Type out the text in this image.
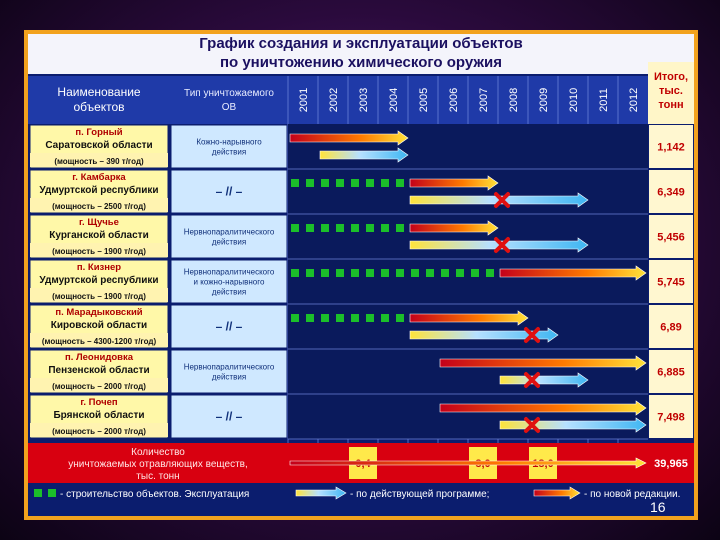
График создания и эксплуатации объектов
по уничтожению химического оружия
Наименование
объектов
Тип уничтожаемого
ОВ	2001 2002 2003 2004 2005 2006 2007 2008 2009 2010 2011 2012
Итого,
тыс.
тонн
п. Горный
Саратовской области
(мощность – 390 т/год)
Кожно-нарывного
действия	1,142
г. Камбарка
Удмуртской республики
(мощность – 2500 т/год)
– // –	6,349
г. Щучье
Курганской области
(мощность – 1900 т/год)
Нервнопаралитического
действия	5,456
п. Кизнер
Удмуртской республики
(мощность – 1900 т/год)
Нервнопаралитического
и кожно-нарывного
действия
5,745
п. Марадыковский
Кировской области
(мощность – 4300-1200 т/год)
– // –	6,89
п. Леонидовка
Пензенской области
(мощность – 2000 т/год)
Нервнопаралитического
действия	6,885
г. Почеп
Брянской области
(мощность – 2000 т/год)
– // –	7,498
Количество
уничтожаемых отравляющих веществ,
тыс. тонн
39,965
- строительство объектов. Эксплуатация	- по действующей программе;	- по новой редакции.
16
